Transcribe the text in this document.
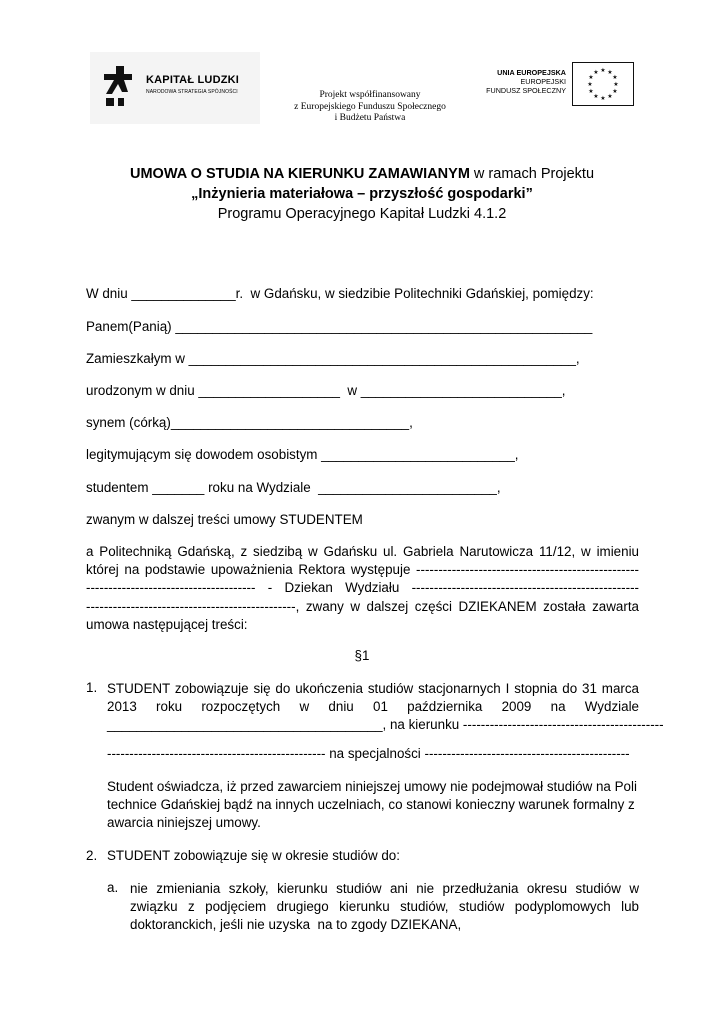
KAPITAŁ LUDZKI
NARODOWA STRATEGIA SPÓJNOŚCI	Projekt współfinansowany
z Europejskiego Funduszu Społecznego
i Budżetu Państwa
UNIA EUROPEJSKA
EUROPEJSKI
FUNDUSZ SPOŁECZNY
★ ★
★
★
★
★
★
★
★
★
★
★
UMOWA O STUDIA NA KIERUNKU ZAMAWIANYM w ramach Projektu
„Inżynieria materiałowa – przyszłość gospodarki”
Programu Operacyjnego Kapitał Ludzki 4.1.2
W dniu ______________r.  w Gdańsku, w siedzibie Politechniki Gdańskiej, pomiędzy:
Panem(Panią) ________________________________________________________
Zamieszkałym w ____________________________________________________,
urodzonym w dniu ___________________  w ___________________________,
synem (córką)________________________________,
legitymującym się dowodem osobistym __________________________,
studentem _______ roku na Wydziale  ________________________,
zwanym w dalszej treści umowy STUDENTEM
a Politechniką Gdańską, z siedzibą w Gdańsku ul. Gabriela Narutowicza 11/12, w imieniu
której na podstawie upoważnienia Rektora występuje --------------------------------------------------
-------------------------------------- - Dziekan Wydziału ---------------------------------------------------
-----------------------------------------------, zwany w dalszej części DZIEKANEM została zawarta
umowa następującej treści:
§1
1. STUDENT zobowiązuje się do ukończenia studiów stacjonarnych I stopnia do 31 marca
2013 roku rozpoczętych w dniu 01 października 2009 na Wydziale
_____________________________________, na kierunku ---------------------------------------------
------------------------------------------------- na specjalności ----------------------------------------------
Student oświadcza, iż przed zawarciem niniejszej umowy nie podejmował studiów na Poli
technice Gdańskiej bądź na innych uczelniach, co stanowi konieczny warunek formalny z
awarcia niniejszej umowy.
2. STUDENT zobowiązuje się w okresie studiów do:
a. nie zmieniania szkoły, kierunku studiów ani nie przedłużania okresu studiów w
związku z podjęciem drugiego kierunku studiów, studiów podyplomowych lub
doktoranckich, jeśli nie uzyska  na to zgody DZIEKANA,
